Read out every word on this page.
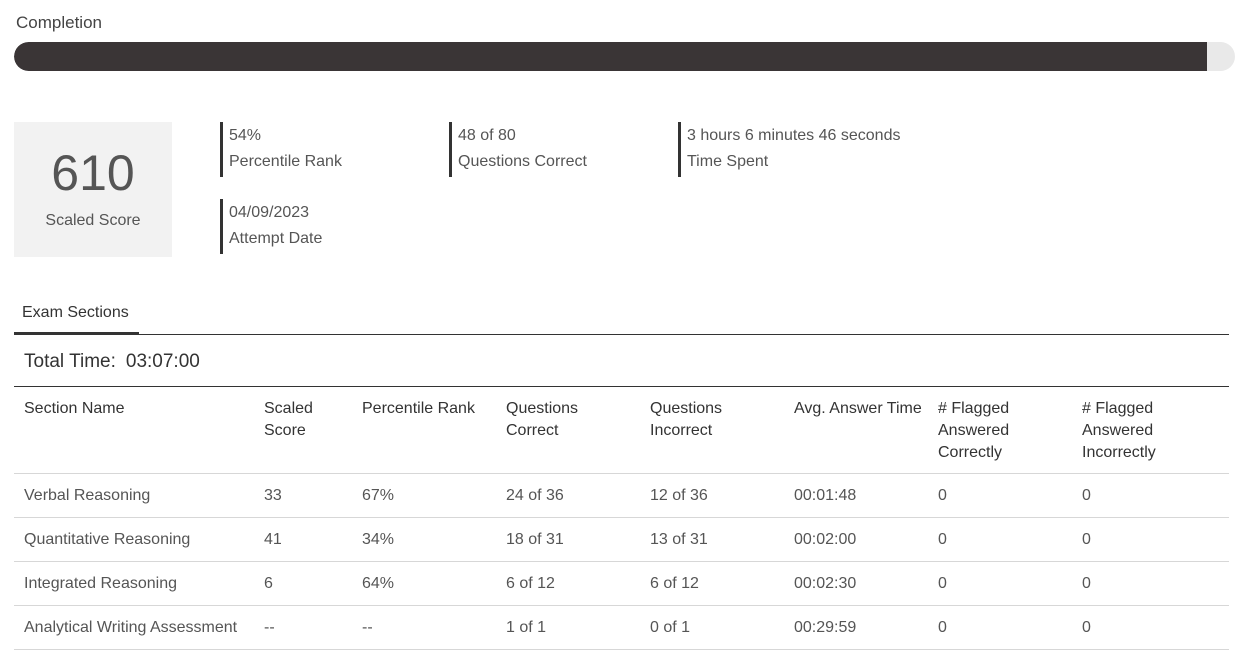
Completion
610
Scaled Score
54%
Percentile Rank
48 of 80
Questions Correct
3 hours 6 minutes 46 seconds
Time Spent
04/09/2023
Attempt Date
Exam Sections
Total Time: 03:07:00
Section Name	Scaled Score	Percentile Rank	Questions Correct	Questions Incorrect	Avg. Answer Time	# Flagged Answered Correctly	# Flagged Answered Incorrectly
Verbal Reasoning	33	67%	24 of 36	12 of 36	00:01:48	0	0
Quantitative Reasoning	41	34%	18 of 31	13 of 31	00:02:00	0	0
Integrated Reasoning	6	64%	6 of 12	6 of 12	00:02:30	0	0
Analytical Writing Assessment	--	--	1 of 1	0 of 1	00:29:59	0	0
